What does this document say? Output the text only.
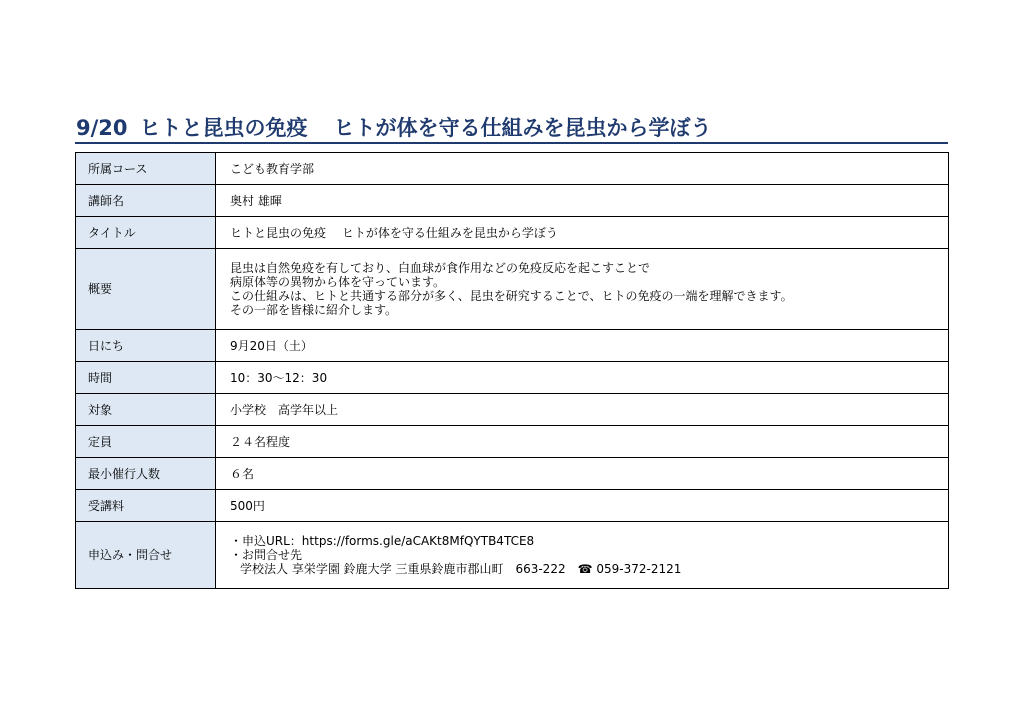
9/20 ヒトと昆虫の免疫 ヒトが体を守る仕組みを昆虫から学ぼう
所属コース	こども教育学部
講師名	奥村 雄暉
タイトル	ヒトと昆虫の免疫　 ヒトが体を守る仕組みを昆虫から学ぼう
概要	昆虫は自然免疫を有しており、白血球が食作用などの免疫反応を起こすことで
病原体等の異物から体を守っています。
この仕組みは、ヒトと共通する部分が多く、昆虫を研究することで、ヒトの免疫の一端を理解できます。
その一部を皆様に紹介します。

日にち	9月20日（土）
時間	10：30～12：30
対象	小学校　高学年以上
定員	２４名程度
最小催行人数	６名
受講料	500円
申込み・問合せ	・申込URL：https://forms.gle/aCAKt8MfQYTB4TCE8
・お問合せ先
学校法人 享栄学園 鈴鹿大学 三重県鈴鹿市郡山町　663-222　☎ 059-372-2121
